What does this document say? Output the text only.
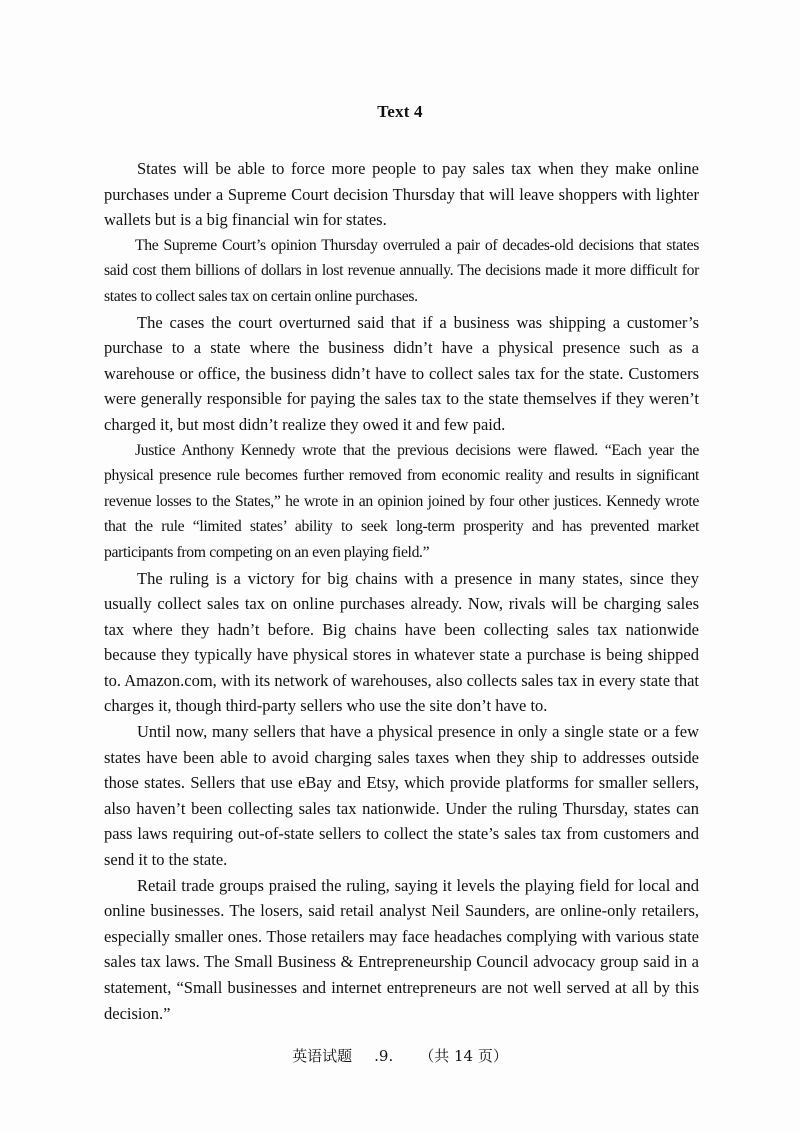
Text 4

States will be able to force more people to pay sales tax when they make online purchases under a Supreme Court decision Thursday that will leave shoppers with lighter wallets but is a big financial win for states.

The Supreme Court’s opinion Thursday overruled a pair of decades-old decisions that states said cost them billions of dollars in lost revenue annually. The decisions made it more difficult for states to collect sales tax on certain online purchases.

The cases the court overturned said that if a business was shipping a customer’s purchase to a state where the business didn’t have a physical presence such as a warehouse or office, the business didn’t have to collect sales tax for the state. Customers were generally responsible for paying the sales tax to the state themselves if they weren’t charged it, but most didn’t realize they owed it and few paid.

Justice Anthony Kennedy wrote that the previous decisions were flawed. “Each year the physical presence rule becomes further removed from economic reality and results in significant revenue losses to the States,” he wrote in an opinion joined by four other justices. Kennedy wrote that the rule “limited states’ ability to seek long-term prosperity and has prevented market participants from competing on an even playing field.”

The ruling is a victory for big chains with a presence in many states, since they usually collect sales tax on online purchases already. Now, rivals will be charging sales tax where they hadn’t before. Big chains have been collecting sales tax nationwide because they typically have physical stores in whatever state a purchase is being shipped to. Amazon.com, with its network of warehouses, also collects sales tax in every state that charges it, though third-party sellers who use the site don’t have to.

Until now, many sellers that have a physical presence in only a single state or a few states have been able to avoid charging sales taxes when they ship to addresses outside those states. Sellers that use eBay and Etsy, which provide platforms for smaller sellers, also haven’t been collecting sales tax nationwide. Under the ruling Thursday, states can pass laws requiring out-of-state sellers to collect the state’s sales tax from customers and send it to the state.

Retail trade groups praised the ruling, saying it levels the playing field for local and online businesses. The losers, said retail analyst Neil Saunders, are online-only retailers, especially smaller ones. Those retailers may face headaches complying with various state sales tax laws. The Small Business & Entrepreneurship Council advocacy group said in a statement, “Small businesses and internet entrepreneurs are not well served at all by this decision.”

英语试题 .9. （共 14 页）
